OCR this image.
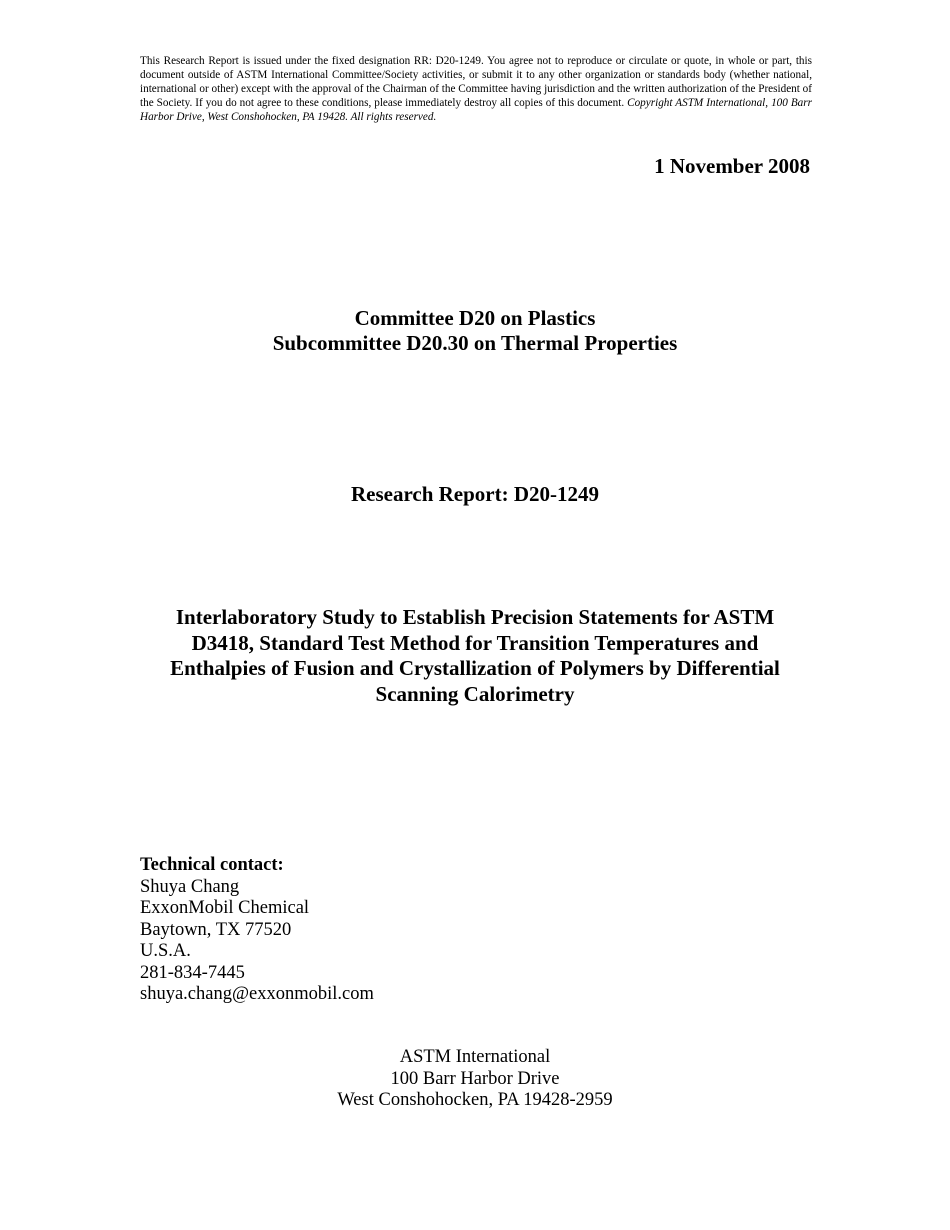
This Research Report is issued under the fixed designation RR: D20-1249. You agree not to reproduce or circulate or quote, in whole or part, this document outside of ASTM International Committee/Society activities, or submit it to any other organization or standards body (whether national, international or other) except with the approval of the Chairman of the Committee having jurisdiction and the written authorization of the President of the Society. If you do not agree to these conditions, please immediately destroy all copies of this document. Copyright ASTM International, 100 Barr Harbor Drive, West Conshohocken, PA 19428. All rights reserved.
1 November 2008
Committee D20 on Plastics
Subcommittee D20.30 on Thermal Properties
Research Report: D20-1249
Interlaboratory Study to Establish Precision Statements for ASTM D3418, Standard Test Method for Transition Temperatures and Enthalpies of Fusion and Crystallization of Polymers by Differential Scanning Calorimetry
Technical contact:
Shuya Chang
ExxonMobil Chemical
Baytown, TX 77520
U.S.A.
281-834-7445
shuya.chang@exxonmobil.com
ASTM International
100 Barr Harbor Drive
West Conshohocken, PA 19428-2959
